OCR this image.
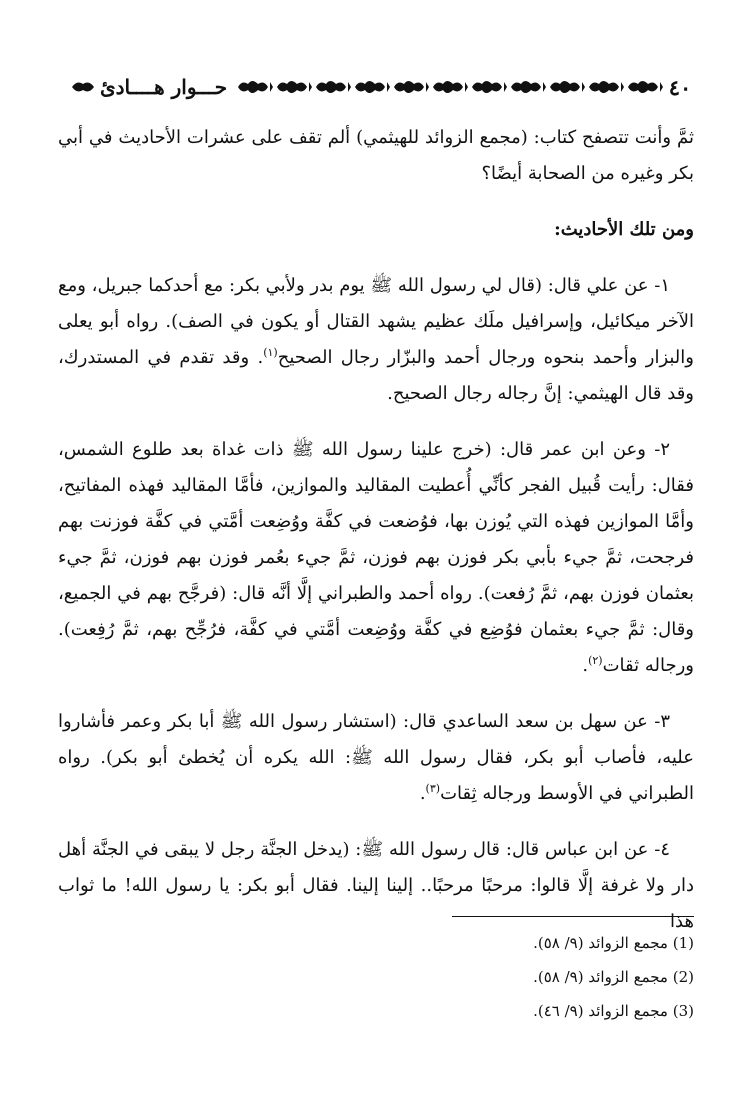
٤٠
حـــوار هــــادئ

ثمَّ وأنت تتصفح كتاب: (مجمع الزوائد للهيثمي) ألم تقف على عشرات الأحاديث في أبي بكر وغيره من الصحابة أيضًا؟

ومن تلك الأحاديث:

١- عن علي قال: (قال لي رسول الله ﷺ يوم بدر ولأبي بكر: مع أحدكما جبريل، ومع الآخر ميكائيل، وإسرافيل ملَك عظيم يشهد القتال أو يكون في الصف). رواه أبو يعلى والبزار وأحمد بنحوه ورجال أحمد والبزّار رجال الصحيح$^{(١)}$. وقد تقدم في المستدرك، وقد قال الهيثمي: إنَّ رجاله رجال الصحيح.

٢- وعن ابن عمر قال: (خرج علينا رسول الله ﷺ ذات غداة بعد طلوع الشمس، فقال: رأيت قُبيل الفجر كأنِّي أُعطيت المقاليد والموازين، فأمَّا المقاليد فهذه المفاتيح، وأمَّا الموازين فهذه التي يُوزن بها، فوُضعت في كفَّة ووُضِعت أمَّتي في كفَّة فوزنت بهم فرجحت، ثمَّ جيء بأبي بكر فوزن بهم فوزن، ثمَّ جيء بعُمر فوزن بهم فوزن، ثمَّ جيء بعثمان فوزن بهم، ثمَّ رُفعت). رواه أحمد والطبراني إلَّا أنَّه قال: (فرجَّح بهم في الجميع، وقال: ثمَّ جيء بعثمان فوُضِع في كفَّة ووُضِعت أمَّتي في كفَّة، فرُجِّح بهم، ثمَّ رُفِعت). ورجاله ثقات$^{(٢)}$.

٣- عن سهل بن سعد الساعدي قال: (استشار رسول الله ﷺ أبا بكر وعمر فأشاروا عليه، فأصاب أبو بكر، فقال رسول الله ﷺ: الله يكره أن يُخطئ أبو بكر). رواه الطبراني في الأوسط ورجاله ثِقات$^{(٣)}$.

٤- عن ابن عباس قال: قال رسول الله ﷺ: (يدخل الجنَّة رجل لا يبقى في الجنَّة أهل دار ولا غرفة إلَّا قالوا: مرحبًا مرحبًا.. إلينا إلينا. فقال أبو بكر: يا رسول الله! ما ثواب هذا

(1) مجمع الزوائد (٩/ ٥٨).
(2) مجمع الزوائد (٩/ ٥٨).
(3) مجمع الزوائد (٩/ ٤٦).
